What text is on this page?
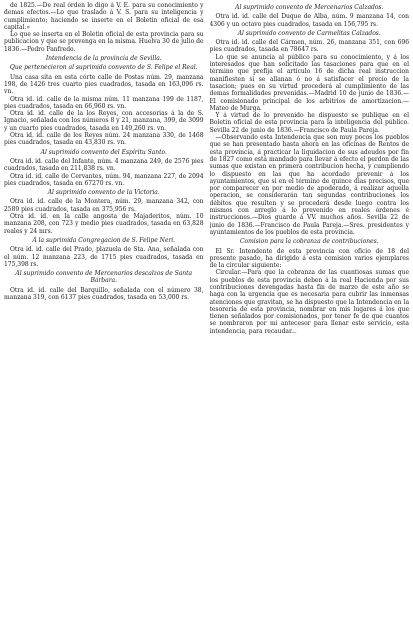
de 1825.—De real órden lo digo á V. E. para su conocimiento y demas efectos.—Lo que traslado á V. S. para su inteligencia y cumplimiento; haciendo se inserte en el Boletin oficial de esa capital.»

Lo que se inserta en el Boletin oficial de esta provincia para su publicacion y que se prevenga en la misma. Huelva 30 de julio de 1836.—Pedro Panfredo.

Intendencia de la provincia de Sevilla.

Que pertenecieron al suprimido convento de S. Felipe el Real.

Una casa sita en esta córte calle de Postas núm. 29, manzana 198, de 1426 tres cuarto pies cuadrados, tasada en 163,096 rs. vn.

Otra id. id. calle de la misma núm. 11 manzana 199 de 1187, pies cuadrados, tasada en 66,960 rs. vn.

Otra id. id. calle de la los Reyes, con accesorias á la de S. Ignacio, señalada con los números 8 y 21, manzana, 399, de 3099 y un cuarto pies cuadrados, tasada en 149,260 rs. vn.

Otra id. id. calle de los Reyes núm. 24 manzana 330, de 1468 pies cuadrados, tasada en 43,830 rs. vn.

Al suprimido convento del Espíritu Santo.

Otra id. id. calle del Infante, núm. 4 manzana 249, de 2576 pies cuadrados, tasada en 211,838 rs. vn.

Otra id. id. calle de Cervantes, núm. 94, manzana 227, de 2094 pies cuadrados, tasada en 67270 rs. vn.

Al suprimido convento de la Victoria.

Otra id. id. calle de la Montera, núm. 29, manzana 342, con 2589 pies cuadrados, tasada en 375,956 rs.

Otra id. id. en la calle angosta de Majaderitos, núm. 10 manzana 208, con 723 y medio pies cuadrados, tasada en 63,828 reales y 24 mrs.

Á la suprimida Congregacion de S. Felipe Neri.

Otra id. id. calle del Prado, plazuela de Sta. Ana, señalada con el núm. 12 manzana 223, de 1715 pies cuadrados, tasada en 175,398 rs.

Al suprimido convento de Mercenarios descalzos de Santa Bárbara.

Otra id. id. calle del Barquillo, señalada con el número 38, manzana 319, con 6137 pies cuadrados, tasada en 53,000 rs.

Al suprimido convento de Mercenarios Calzados.

Otra id. id. calle del Duque de Alba, núm. 9 manzana 14, con 4306 y un octavo pies cuadrados, tasada en 156,795 rs.

Al suprimido convento de Carmelitas Calzados.

Otra id. id. calle del Cármen, núm. 26, manzana 351, con 696 pies cuadrados, tasada en 78647 rs.

Lo que se anuncia al público para su conocimiento, y á los interesados que han solicitado las tasaciones para que en el término que prefija el artículo 16 de dicha real instruccion manifiesten si se allanan ó no á satisfacer el precio de la tasacion; pues en su virtud procederá al cumplimiento de las demas formalidades prevenidas.—Madrid 10 de junio de 1836.—El comisionado principal de los arbitrios de amortizacion.—Mateo de Murga.

Y á virtud de lo prevenido he dispuesto se publique en el Boletin oficial de esta provincia para la inteligencia del público. Sevilla 22 de junio de 1836.—Francisco de Paula Pareja.

—Observando esta Intendencia que son muy pocos los pueblos que se han presentado hasta ahora en las oficinas de Rentos de esta provincia, á practicar la liquidacion de sus adeudos por fin de 1827 como está mandado para llevar á efecto el perdon de las sumas que existan en primera contribucion hecha, y cumpliendo lo dispuesto en las que ha acordado prevenir á los ayuntamientos, que si en el término de quince dias precisos, que por comparecer en por medio de apoderado, á realizar aquella operacion, se considerarán tan segundas contribuciones los débitos que resulten y se procederá desde luego contra los mismos con arreglo á lo prevenido en reales órdenes é instrucciones.—Dios guarde á VV. muchos años. Sevilla 22 de junio de 1836.—Francisco de Paula Pareja.—Sres. presidentes y ayuntamientos de los pueblos de esta provincia.

Comision para la cobranza de contribuciones.

El Sr. Intendente de esta provincia con oficio de 18 del presente pasado, ha dirigido á esta comision varios ejemplares de la circular siguiente:

Circular.—Para que la cobranza de las cuantiosas sumas que los pueblos de esta provincia deben á la real Hacienda por sus contribuciones devengadas hasta fin de marzo de este año se haga con la urgencia que es necesaria para cubrir las inmensas atenciones que gravitan, se ha dispuesto que la Intendencia en la tesorería de esta provincia, nombrar en mis lugares á los que tienen señalados por comisionados, por tener fe de que cuantos se nombraron por mi antecesor para llenar este servicio, esta intendencia, para recaudar...
